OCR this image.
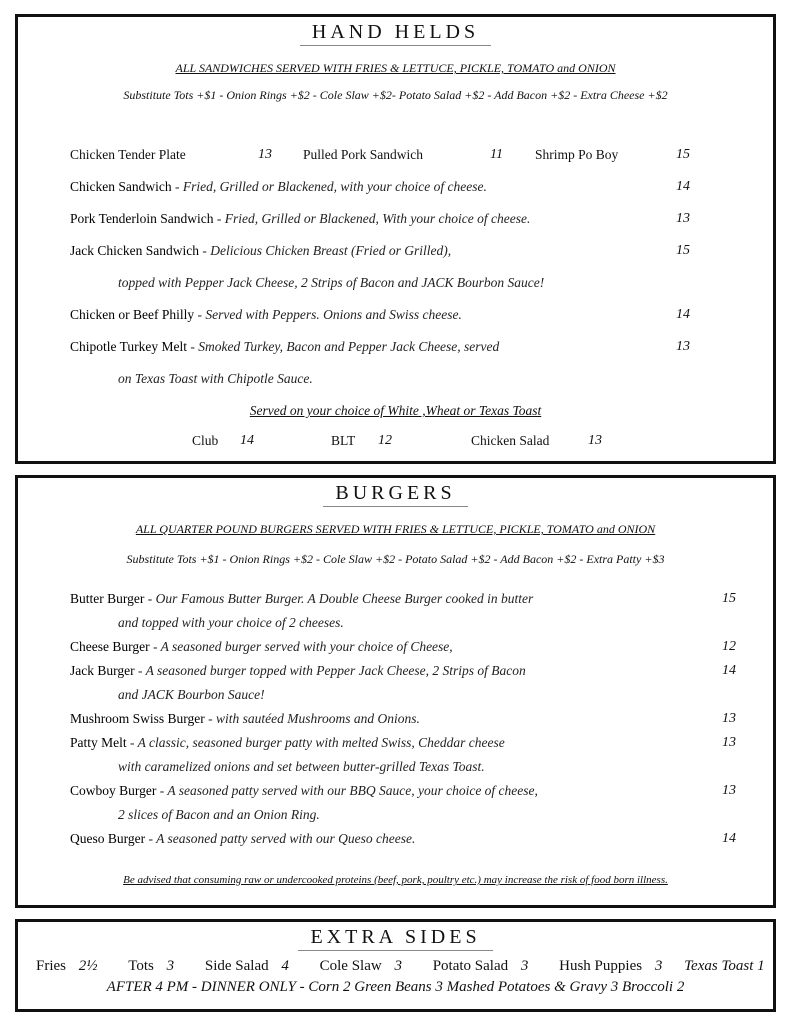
HAND HELDS
ALL SANDWICHES SERVED WITH FRIES & LETTUCE, PICKLE, TOMATO and ONION
Substitute Tots +$1 - Onion Rings +$2 - Cole Slaw +$2- Potato Salad +$2 - Add Bacon +$2 - Extra Cheese +$2
Chicken Tender Plate	13 Pulled Pork Sandwich	11 Shrimp Po Boy	15
Chicken Sandwich - Fried, Grilled or Blackened, with your choice of cheese.	14
Pork Tenderloin Sandwich - Fried, Grilled or Blackened, With your choice of cheese.	13
Jack Chicken Sandwich - Delicious Chicken Breast (Fried or Grilled),	15
topped with Pepper Jack Cheese, 2 Strips of Bacon and JACK Bourbon Sauce!
Chicken or Beef Philly - Served with Peppers. Onions and Swiss cheese.	14
Chipotle Turkey Melt - Smoked Turkey, Bacon and Pepper Jack Cheese, served	13
on Texas Toast with Chipotle Sauce.
Served on your choice of White ,Wheat or Texas Toast
Club 14	BLT 12	Chicken Salad	13
BURGERS
ALL QUARTER POUND BURGERS SERVED WITH FRIES & LETTUCE, PICKLE, TOMATO and ONION
Substitute Tots +$1 - Onion Rings +$2 - Cole Slaw +$2 - Potato Salad +$2 - Add Bacon +$2 - Extra Patty +$3
Butter Burger - Our Famous Butter Burger. A Double Cheese Burger cooked in butter	15
and topped with your choice of 2 cheeses.
Cheese Burger - A seasoned burger served with your choice of Cheese,	12
Jack Burger - A seasoned burger topped with Pepper Jack Cheese, 2 Strips of Bacon	14
and JACK Bourbon Sauce!
Mushroom Swiss Burger - with sautéed Mushrooms and Onions.	13
Patty Melt - A classic, seasoned burger patty with melted Swiss, Cheddar cheese	13
with caramelized onions and set between butter-grilled Texas Toast.
Cowboy Burger - A seasoned patty served with our BBQ Sauce, your choice of cheese,	13
2 slices of Bacon and an Onion Ring.
Queso Burger - A seasoned patty served with our Queso cheese.	14
Be advised that consuming raw or undercooked proteins (beef, pork, poultry etc.) may increase the risk of food born illness.
EXTRA SIDES
Fries 2½ Tots 3 Side Salad 4 Cole Slaw 3 Potato Salad 3 Hush Puppies 3 Texas Toast 1
AFTER 4 PM - DINNER ONLY - Corn 2 Green Beans 3 Mashed Potatoes & Gravy 3 Broccoli 2
